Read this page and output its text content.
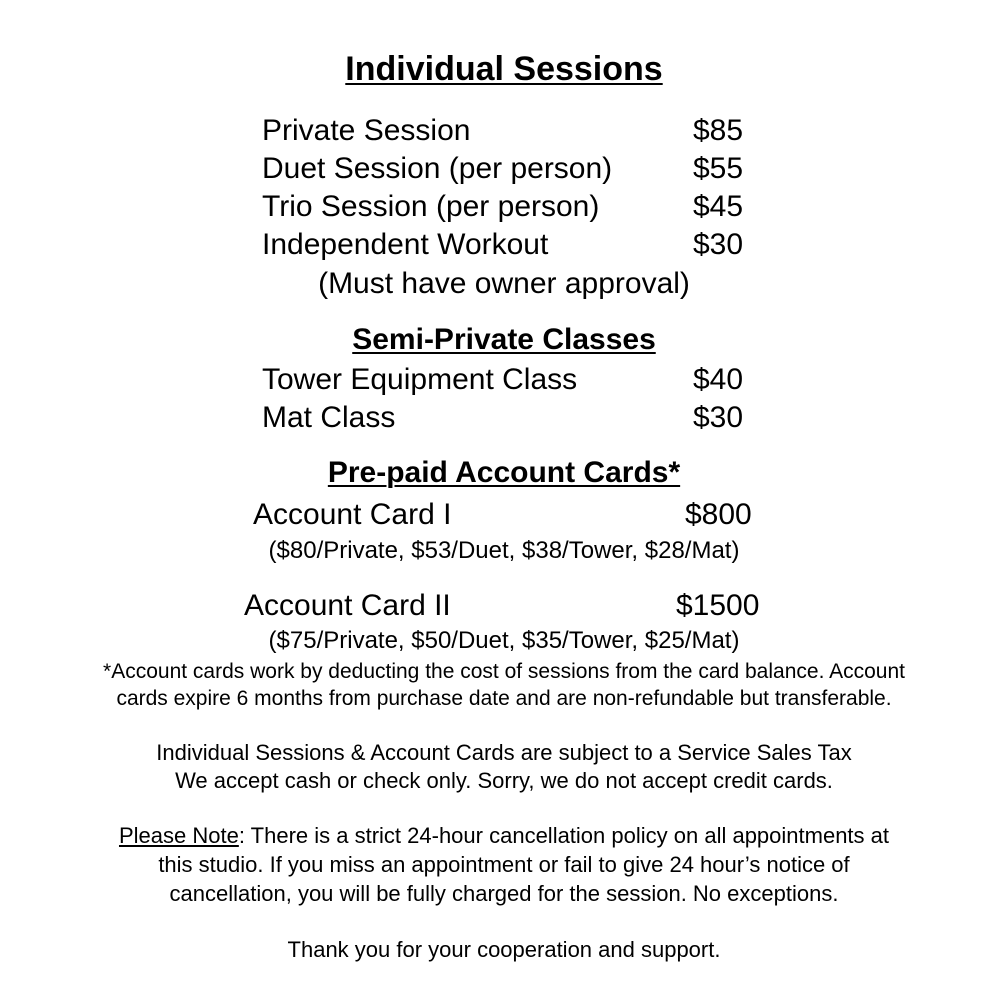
Individual Sessions
Private Session	$85
Duet Session (per person)	$55
Trio Session (per person)	$45
Independent Workout	$30
(Must have owner approval)
Semi-Private Classes
Tower Equipment Class	$40
Mat Class	$30
Pre-paid Account Cards*
Account Card I	$800
($80/Private, $53/Duet, $38/Tower, $28/Mat)
Account Card II	$1500
($75/Private, $50/Duet, $35/Tower, $25/Mat)
*Account cards work by deducting the cost of sessions from the card balance. Account
cards expire 6 months from purchase date and are non-refundable but transferable.
Individual Sessions & Account Cards are subject to a Service Sales Tax
We accept cash or check only. Sorry, we do not accept credit cards.
Please Note: There is a strict 24-hour cancellation policy on all appointments at
this studio. If you miss an appointment or fail to give 24 hour’s notice of
cancellation, you will be fully charged for the session. No exceptions.
Thank you for your cooperation and support.
